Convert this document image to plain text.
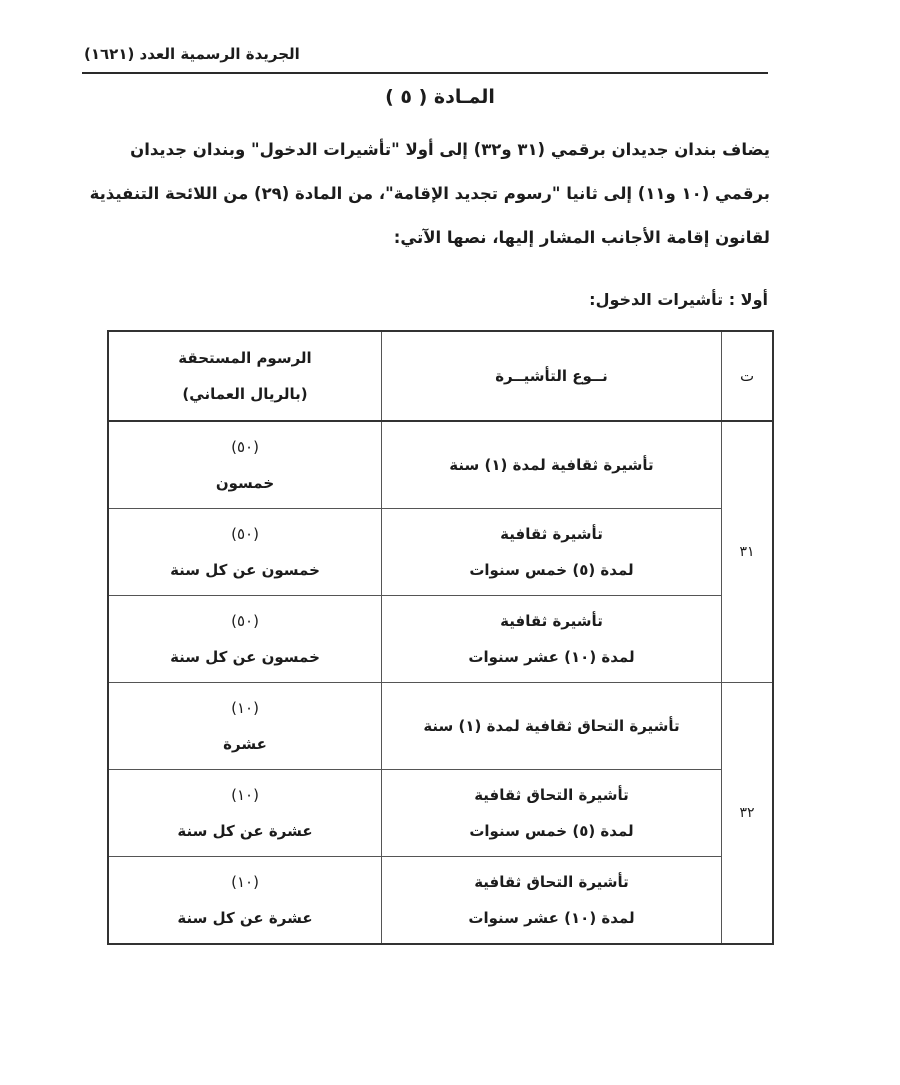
الجريدة الرسمية العدد (١٦٢١)
المـادة ( ٥ )

يضاف بندان جديدان برقمي (٣١ و٣٢) إلى أولا "تأشيرات الدخول" وبندان جديدان

برقمي (١٠ و١١) إلى ثانيا "رسوم تجديد الإقامة"، من المادة (٢٩) من اللائحة التنفيذية

لقانون إقامة الأجانب المشار إليها، نصها الآتي:

أولا : تأشيرات الدخول:
ت	نــوع التأشيــرة	الرسوم المستحقة
(بالريال العماني)

٣١	تأشيرة ثقافية لمدة (١) سنة	(٥٠)
خمسون

	تأشيرة ثقافية
لمدة (٥) خمس سنوات	(٥٠)
خمسون عن كل سنة

	تأشيرة ثقافية
لمدة (١٠) عشر سنوات	(٥٠)
خمسون عن كل سنة

٣٢	تأشيرة التحاق ثقافية لمدة (١) سنة	(١٠)
عشرة

	تأشيرة التحاق ثقافية
لمدة (٥) خمس سنوات	(١٠)
عشرة عن كل سنة

	تأشيرة التحاق ثقافية
لمدة (١٠) عشر سنوات	(١٠)
عشرة عن كل سنة
